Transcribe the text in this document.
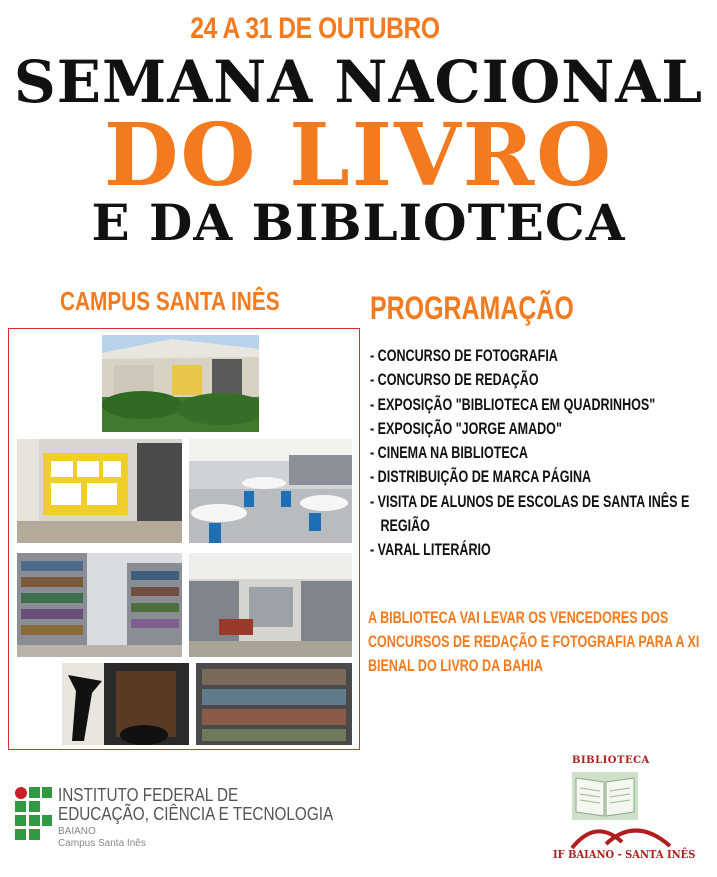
24 A 31 DE OUTUBRO
SEMANA NACIONAL
DO LIVRO
E DA BIBLIOTECA
CAMPUS SANTA INÊS	PROGRAMAÇÃO
- CONCURSO DE FOTOGRAFIA
- CONCURSO DE REDAÇÃO
- EXPOSIÇÃO "BIBLIOTECA EM QUADRINHOS"
- EXPOSIÇÃO "JORGE AMADO"
- CINEMA NA BIBLIOTECA
- DISTRIBUIÇÃO DE MARCA PÁGINA
- VISITA DE ALUNOS DE ESCOLAS DE SANTA INÊS E
REGIÃO
- VARAL LITERÁRIO
A BIBLIOTECA VAI LEVAR OS VENCEDORES DOS CONCURSOS DE REDAÇÃO E FOTOGRAFIA PARA A XI BIENAL DO LIVRO DA BAHIA
INSTITUTO FEDERAL DE
EDUCAÇÃO, CIÊNCIA E TECNOLOGIA
BAIANO
Campus Santa Inês
BIBLIOTECA
IF BAIANO - SANTA INÊS
